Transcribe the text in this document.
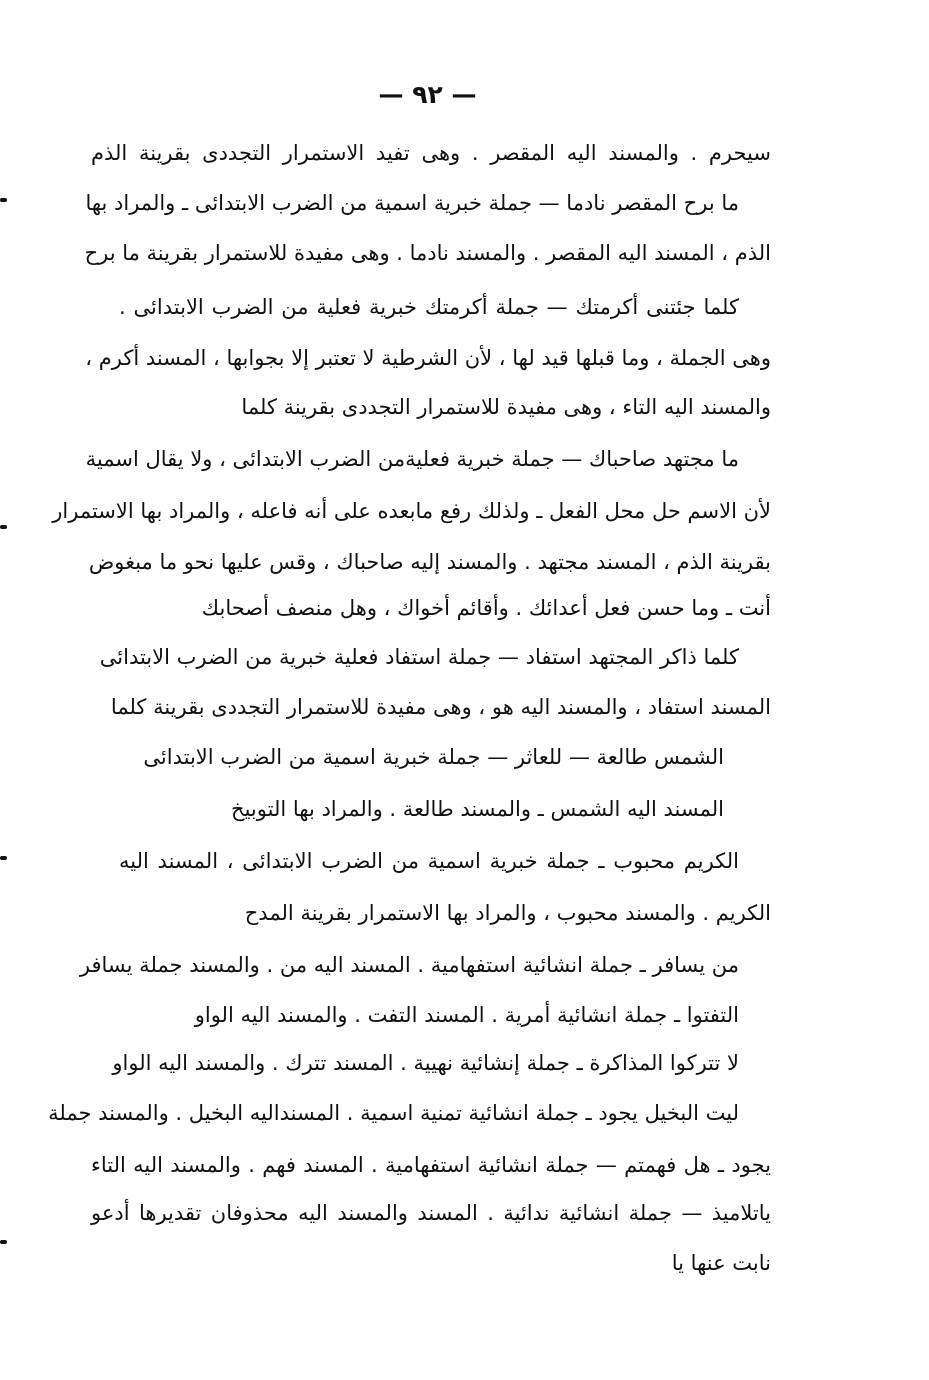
— ٩٢ —
سيحرم . والمسند اليه المقصر . وهى تفيد الاستمرار التجددى بقرينة الذم
ما برح المقصر نادما — جملة خبرية اسمية من الضرب الابتدائى ـ والمراد بها
الذم ، المسند اليه المقصر . والمسند نادما . وهى مفيدة للاستمرار بقرينة ما برح
كلما جئتنى أكرمتك — جملة أكرمتك خبرية فعلية من الضرب الابتدائى .
وهى الجملة ، وما قبلها قيد لها ، لأن الشرطية لا تعتبر إلا بجوابها ، المسند أكرم ،
والمسند اليه التاء ، وهى مفيدة للاستمرار التجددى بقرينة كلما
ما مجتهد صاحباك — جملة خبرية فعليةمن الضرب الابتدائى ، ولا يقال اسمية
لأن الاسم حل محل الفعل ـ ولذلك رفع مابعده على أنه فاعله ، والمراد بها الاستمرار
بقرينة الذم ، المسند مجتهد . والمسند إليه صاحباك ، وقس عليها نحو ما مبغوض
أنت ـ وما حسن فعل أعدائك . وأقائم أخواك ، وهل منصف أصحابك
كلما ذاكر المجتهد استفاد — جملة استفاد فعلية خبرية من الضرب الابتدائى
المسند استفاد ، والمسند اليه هو ، وهى مفيدة للاستمرار التجددى بقرينة كلما
الشمس طالعة — للعاثر — جملة خبرية اسمية من الضرب الابتدائى
المسند اليه الشمس ـ والمسند طالعة . والمراد بها التوبيخ
الكريم محبوب ـ جملة خبرية اسمية من الضرب الابتدائى ، المسند اليه
الكريم . والمسند محبوب ، والمراد بها الاستمرار بقرينة المدح
من يسافر ـ جملة انشائية استفهامية . المسند اليه من . والمسند جملة يسافر
التفتوا ـ جملة انشائية أمرية . المسند التفت . والمسند اليه الواو
لا تتركوا المذاكرة ـ جملة إنشائية نهيية . المسند تترك . والمسند اليه الواو
ليت البخيل يجود ـ جملة انشائية تمنية اسمية . المسنداليه البخيل . والمسند جملة
يجود ـ هل فهمتم — جملة انشائية استفهامية . المسند فهم . والمسند اليه التاء
ياتلاميذ — جملة انشائية ندائية . المسند والمسند اليه محذوفان تقديرها أدعو
نابت عنها يا
